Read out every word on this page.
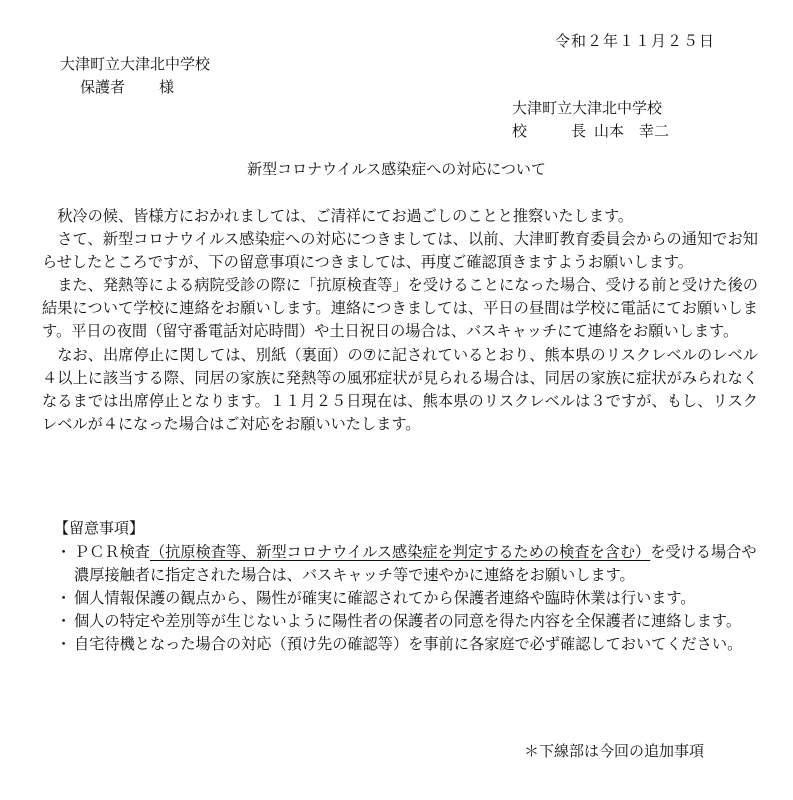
令和２年１１月２５日
大津町立大津北中学校
保護者 様
大津町立大津北中学校
校	長 山本　幸二
新型コロナウイルス感染症への対応について

秋冷の候、皆様方におかれましては、ご清祥にてお過ごしのことと推察いたします。

さて、新型コロナウイルス感染症への対応につきましては、以前、大津町教育委員会からの通知でお知らせしたところですが、下の留意事項につきましては、再度ご確認頂きますようお願いします。

また、発熱等による病院受診の際に「抗原検査等」を受けることになった場合、受ける前と受けた後の結果について学校に連絡をお願いします。連絡につきましては、平日の昼間は学校に電話にてお願いします。平日の夜間（留守番電話対応時間）や土日祝日の場合は、バスキャッチにて連絡をお願いします。

なお、出席停止に関しては、別紙（裏面）の⑦に記されているとおり、熊本県のリスクレベルのレベル４以上に該当する際、同居の家族に発熱等の風邪症状が見られる場合は、同居の家族に症状がみられなくなるまでは出席停止となります。１１月２５日現在は、熊本県のリスクレベルは３ですが、もし、リスクレベルが４になった場合はご対応をお願いいたします。

【留意事項】
・ ＰＣＲ検査（抗原検査等、新型コロナウイルス感染症を判定するための検査を含む）を受ける場合や濃厚接触者に指定された場合は、バスキャッチ等で速やかに連絡をお願いします。
・ 個人情報保護の観点から、陽性が確実に確認されてから保護者連絡や臨時休業は行います。
・ 個人の特定や差別等が生じないように陽性者の保護者の同意を得た内容を全保護者に連絡します。
・ 自宅待機となった場合の対応（預け先の確認等）を事前に各家庭で必ず確認しておいてください。
＊下線部は今回の追加事項
